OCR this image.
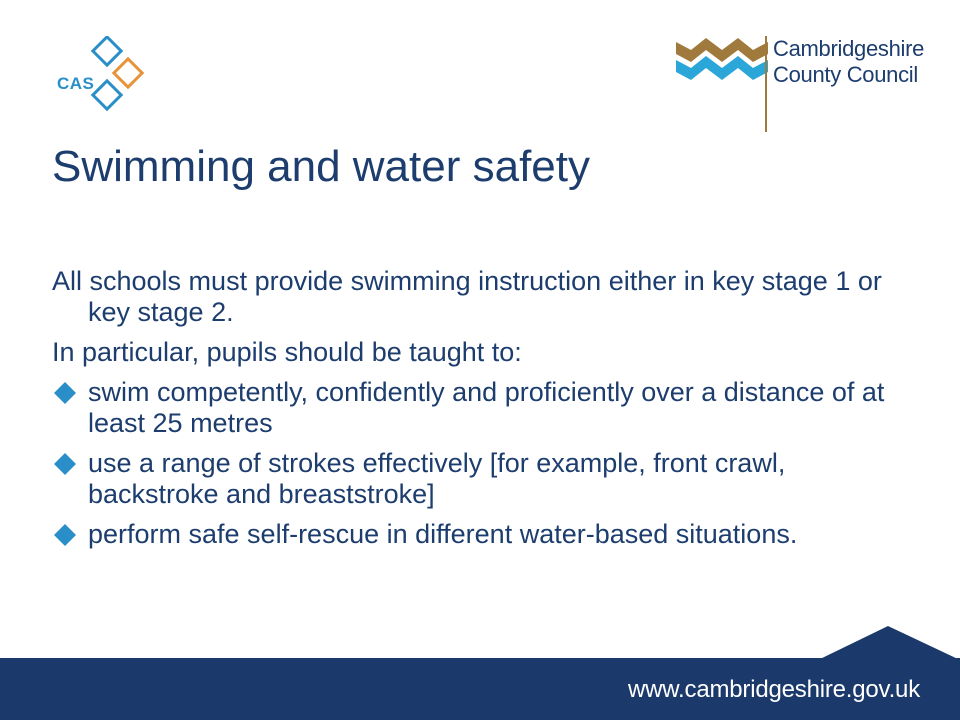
CAS
Cambridgeshire
County Council
Swimming and water safety

All schools must provide swimming instruction either in key stage 1 or key stage 2.

In particular, pupils should be taught to:

swim competently, confidently and proficiently over a distance of at least 25 metres
use a range of strokes effectively [for example, front crawl, backstroke and breaststroke]
perform safe self-rescue in different water-based situations.
www.cambridgeshire.gov.uk
